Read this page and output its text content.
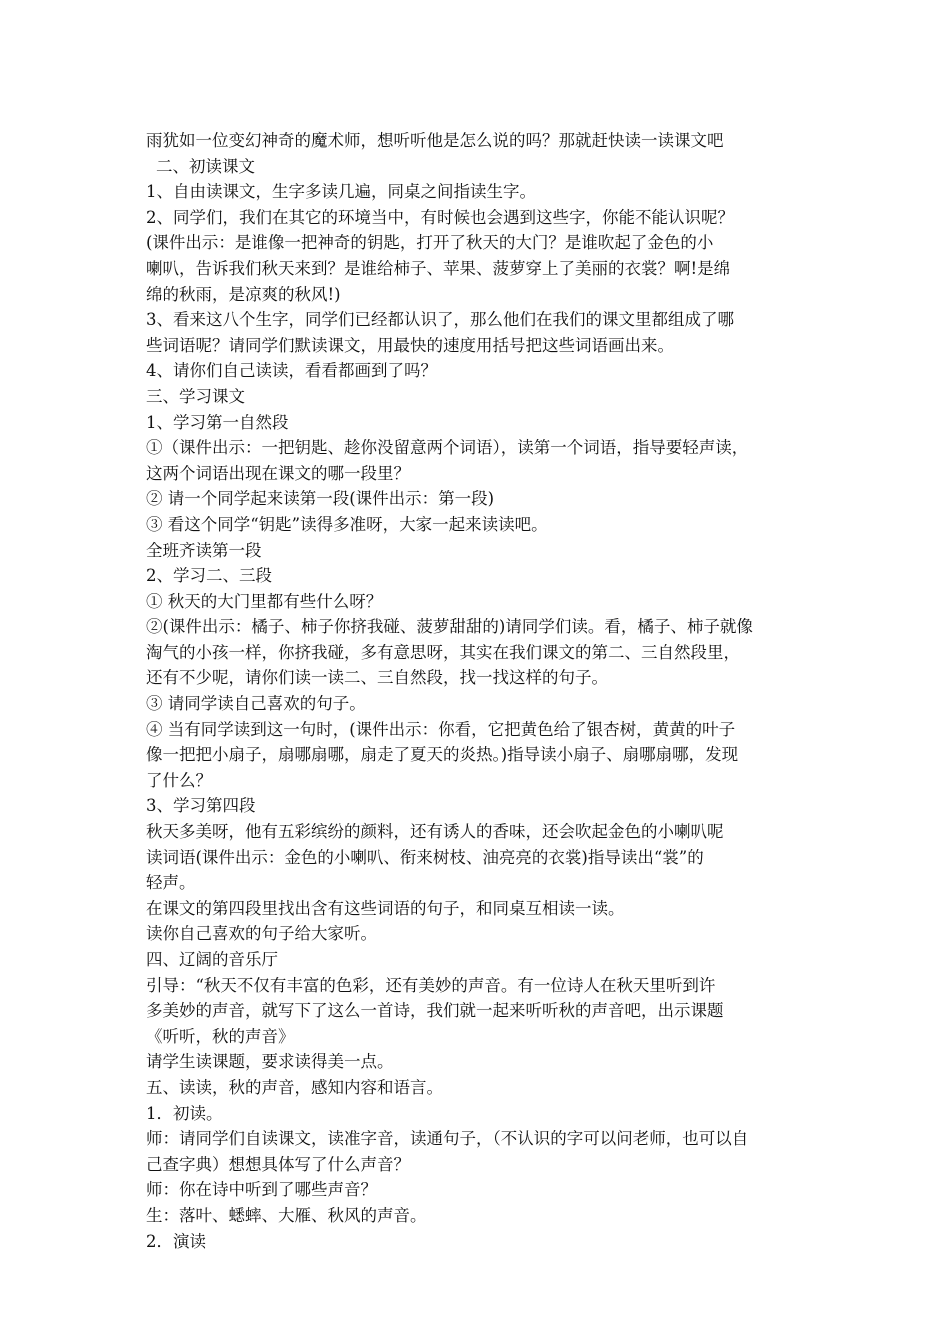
雨犹如一位变幻神奇的魔术师，想听听他是怎么说的吗？那就赶快读一读课文吧
二、初读课文
1、自由读课文，生字多读几遍，同桌之间指读生字。
2、同学们，我们在其它的环境当中，有时候也会遇到这些字，你能不能认识呢？
(课件出示：是谁像一把神奇的钥匙，打开了秋天的大门？是谁吹起了金色的小
喇叭，告诉我们秋天来到？是谁给柿子、苹果、菠萝穿上了美丽的衣裳？啊!是绵
绵的秋雨，是凉爽的秋风!)
3、看来这八个生字，同学们已经都认识了，那么他们在我们的课文里都组成了哪
些词语呢？请同学们默读课文，用最快的速度用括号把这些词语画出来。
4、请你们自己读读，看看都画到了吗？
三、学习课文
1、学习第一自然段
①（课件出示：一把钥匙、趁你没留意两个词语），读第一个词语，指导要轻声读，
这两个词语出现在课文的哪一段里？
② 请一个同学起来读第一段(课件出示：第一段)
③ 看这个同学“钥匙”读得多准呀，大家一起来读读吧。
全班齐读第一段
2、学习二、三段
① 秋天的大门里都有些什么呀？
②(课件出示：橘子、柿子你挤我碰、菠萝甜甜的)请同学们读。看，橘子、柿子就像
淘气的小孩一样，你挤我碰，多有意思呀，其实在我们课文的第二、三自然段里，
还有不少呢，请你们读一读二、三自然段，找一找这样的句子。
③ 请同学读自己喜欢的句子。
④ 当有同学读到这一句时，(课件出示：你看，它把黄色给了银杏树，黄黄的叶子
像一把把小扇子，扇哪扇哪，扇走了夏天的炎热。)指导读小扇子、扇哪扇哪，发现
了什么？
3、学习第四段
秋天多美呀，他有五彩缤纷的颜料，还有诱人的香味，还会吹起金色的小喇叭呢
读词语(课件出示：金色的小喇叭、衔来树枝、油亮亮的衣裳)指导读出“裳”的
轻声。
在课文的第四段里找出含有这些词语的句子，和同桌互相读一读。
读你自己喜欢的句子给大家听。
四、辽阔的音乐厅
引导：“秋天不仅有丰富的色彩，还有美妙的声音。有一位诗人在秋天里听到许
多美妙的声音，就写下了这么一首诗，我们就一起来听听秋的声音吧，出示课题
《听听，秋的声音》
请学生读课题，要求读得美一点。
五、读读，秋的声音，感知内容和语言。
1．初读。
师：请同学们自读课文，读准字音，读通句子，（不认识的字可以问老师，也可以自
己查字典）想想具体写了什么声音？
师：你在诗中听到了哪些声音？
生：落叶、蟋蟀、大雁、秋风的声音。
2．演读
